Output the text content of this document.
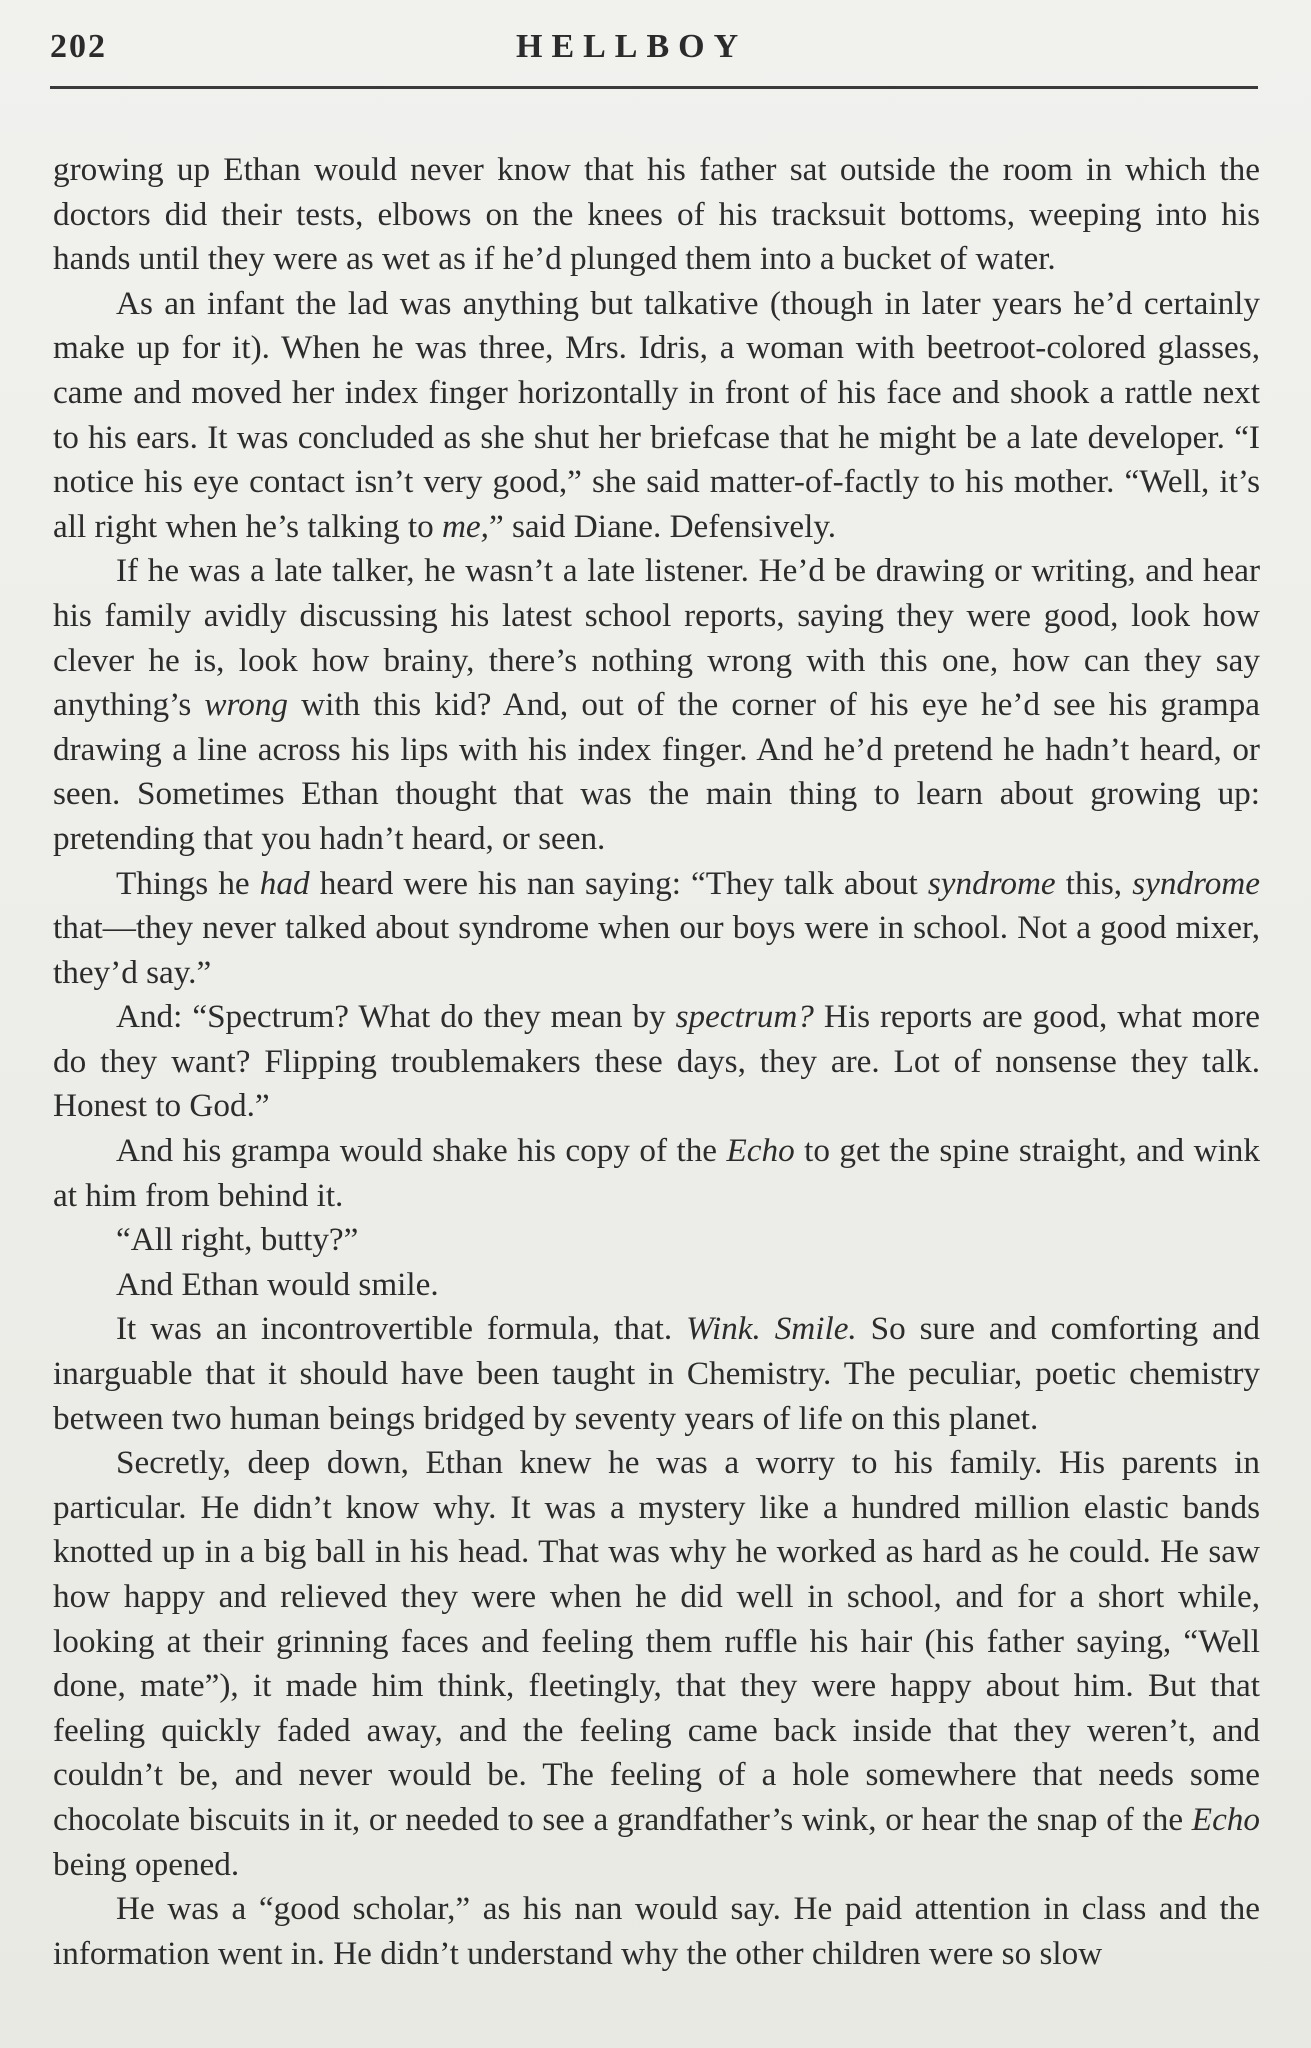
202	HELLBOY

growing up Ethan would never know that his father sat outside the room in which the doctors did their tests, elbows on the knees of his tracksuit bottoms, weeping into his hands until they were as wet as if he’d plunged them into a bucket of water.

As an infant the lad was anything but talkative (though in later years he’d certainly make up for it). When he was three, Mrs. Idris, a woman with beetroot-colored glasses, came and moved her index finger horizontally in front of his face and shook a rattle next to his ears. It was concluded as she shut her briefcase that he might be a late developer. “I notice his eye contact isn’t very good,” she said matter-of-factly to his mother. “Well, it’s all right when he’s talking to me,” said Diane. Defensively.

If he was a late talker, he wasn’t a late listener. He’d be drawing or writing, and hear his family avidly discussing his latest school reports, saying they were good, look how clever he is, look how brainy, there’s nothing wrong with this one, how can they say anything’s wrong with this kid? And, out of the corner of his eye he’d see his grampa drawing a line across his lips with his index finger. And he’d pretend he hadn’t heard, or seen. Sometimes Ethan thought that was the main thing to learn about growing up: pretending that you hadn’t heard, or seen.

Things he had heard were his nan saying: “They talk about syndrome this, syndrome that—they never talked about syndrome when our boys were in school. Not a good mixer, they’d say.”

And: “Spectrum? What do they mean by spectrum? His reports are good, what more do they want? Flipping troublemakers these days, they are. Lot of nonsense they talk. Honest to God.”

And his grampa would shake his copy of the Echo to get the spine straight, and wink at him from behind it.

“All right, butty?”

And Ethan would smile.

It was an incontrovertible formula, that. Wink. Smile. So sure and comforting and inarguable that it should have been taught in Chemistry. The peculiar, poetic chemistry between two human beings bridged by seventy years of life on this planet.

Secretly, deep down, Ethan knew he was a worry to his family. His parents in particular. He didn’t know why. It was a mystery like a hundred million elastic bands knotted up in a big ball in his head. That was why he worked as hard as he could. He saw how happy and relieved they were when he did well in school, and for a short while, looking at their grinning faces and feeling them ruffle his hair (his father saying, “Well done, mate”), it made him think, fleetingly, that they were happy about him. But that feeling quickly faded away, and the feeling came back inside that they weren’t, and couldn’t be, and never would be. The feeling of a hole somewhere that needs some chocolate biscuits in it, or needed to see a grandfather’s wink, or hear the snap of the Echo being opened.

He was a “good scholar,” as his nan would say. He paid attention in class and the information went in. He didn’t understand why the other children were so slow
